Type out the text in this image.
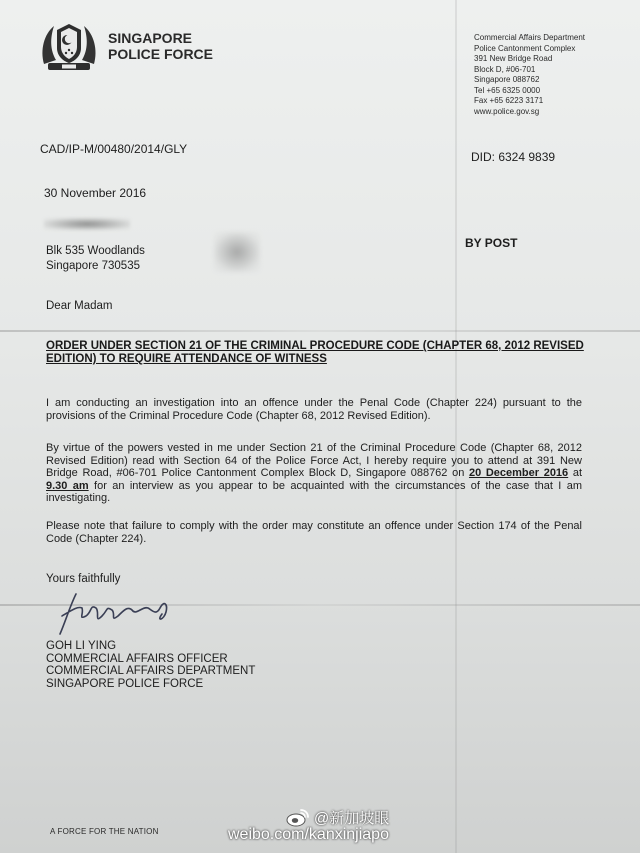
SINGAPORE
POLICE FORCE
Commercial Affairs Department
Police Cantonment Complex
391 New Bridge Road
Block D, #06-701
Singapore 088762
Tel +65 6325 0000
Fax +65 6223 3171
www.police.gov.sg
CAD/IP-M/00480/2014/GLY
DID: 6324 9839
30 November 2016
Blk 535 Woodlands
Singapore 730535
BY POST
Dear Madam
ORDER UNDER SECTION 21 OF THE CRIMINAL PROCEDURE CODE (CHAPTER 68, 2012 REVISED EDITION) TO REQUIRE ATTENDANCE OF WITNESS
I am conducting an investigation into an offence under the Penal Code (Chapter 224) pursuant to the provisions of the Criminal Procedure Code (Chapter 68, 2012 Revised Edition).
By virtue of the powers vested in me under Section 21 of the Criminal Procedure Code (Chapter 68, 2012 Revised Edition) read with Section 64 of the Police Force Act, I hereby require you to attend at 391 New Bridge Road, #06-701 Police Cantonment Complex Block D, Singapore 088762 on 20 December 2016 at 9.30 am for an interview as you appear to be acquainted with the circumstances of the case that I am investigating.
Please note that failure to comply with the order may constitute an offence under Section 174 of the Penal Code (Chapter 224).
Yours faithfully
GOH LI YING
COMMERCIAL AFFAIRS OFFICER
COMMERCIAL AFFAIRS DEPARTMENT
SINGAPORE POLICE FORCE
A FORCE FOR THE NATION
@新加坡眼
weibo.com/kanxinjiapo
